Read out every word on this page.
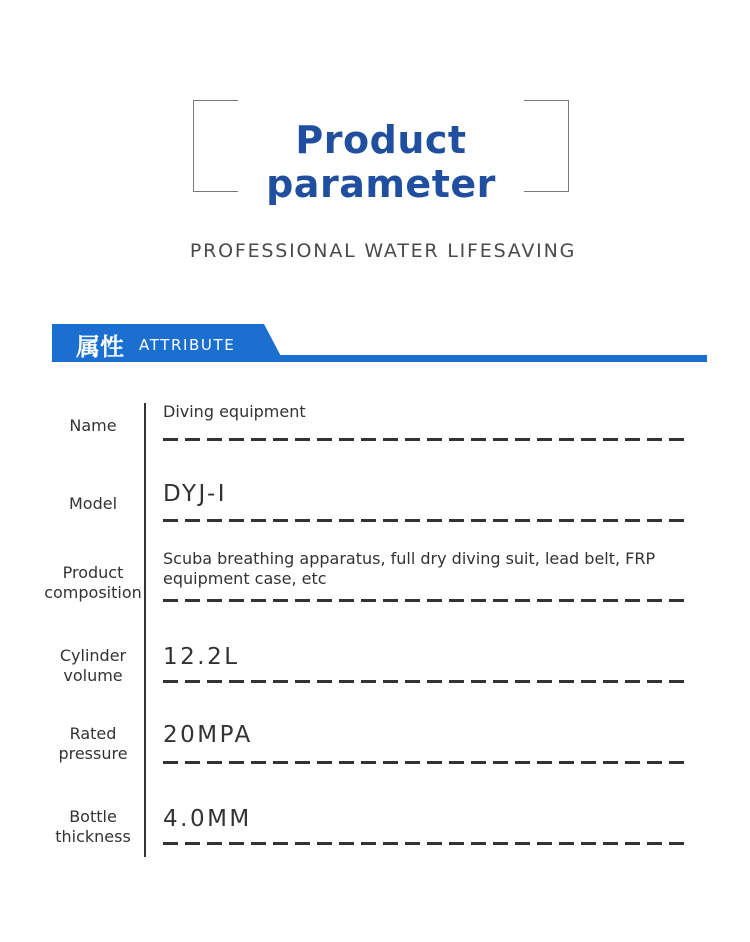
Product parameter
PROFESSIONAL WATER LIFESAVING
属性 ATTRIBUTE
Name
Diving equipment
Model	DYJ-I
Product
composition
Scuba breathing apparatus, full dry diving suit, lead belt, FRP equipment case, etc
Cylinder
volume
12.2L
Rated
pressure
20MPA
Bottle
thickness
4.0MM
